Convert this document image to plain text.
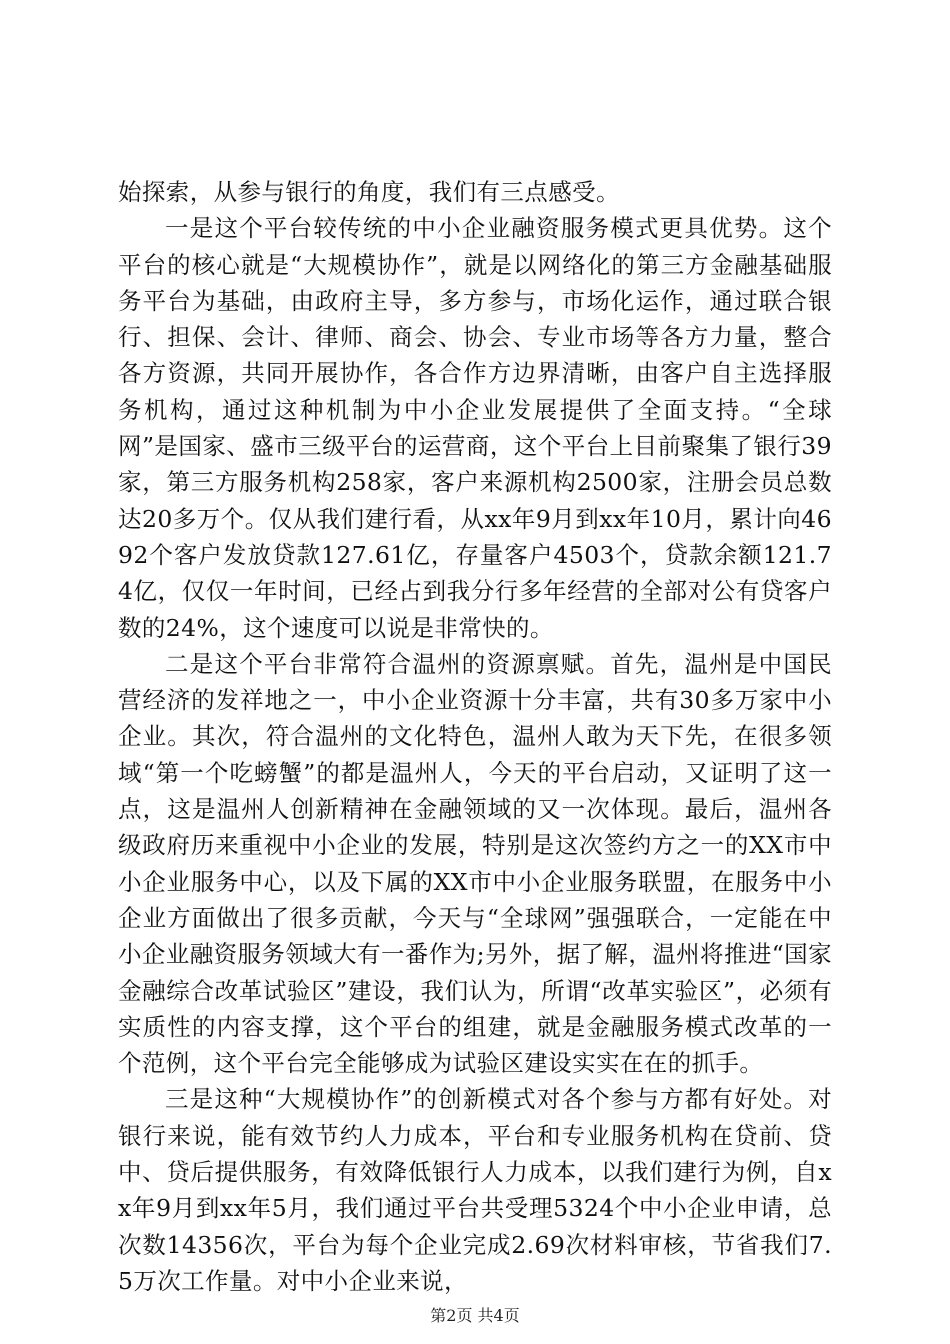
始探索，从参与银行的角度，我们有三点感受。

一是这个平台较传统的中小企业融资服务模式更具优势。这个平台的核心就是“大规模协作”，就是以网络化的第三方金融基础服务平台为基础，由政府主导，多方参与，市场化运作，通过联合银行、担保、会计、律师、商会、协会、专业市场等各方力量，整合各方资源，共同开展协作，各合作方边界清晰，由客户自主选择服务机构，通过这种机制为中小企业发展提供了全面支持。“全球网”是国家、盛市三级平台的运营商，这个平台上目前聚集了银行39家，第三方服务机构258家，客户来源机构2500家，注册会员总数达20多万个。仅从我们建行看，从xx年9月到xx年10月，累计向4692个客户发放贷款127.61亿，存量客户4503个，贷款余额121.74亿，仅仅一年时间，已经占到我分行多年经营的全部对公有贷客户数的24%，这个速度可以说是非常快的。

二是这个平台非常符合温州的资源禀赋。首先，温州是中国民营经济的发祥地之一，中小企业资源十分丰富，共有30多万家中小企业。其次，符合温州的文化特色，温州人敢为天下先，在很多领域“第一个吃螃蟹”的都是温州人，今天的平台启动，又证明了这一点，这是温州人创新精神在金融领域的又一次体现。最后，温州各级政府历来重视中小企业的发展，特别是这次签约方之一的XX市中小企业服务中心，以及下属的XX市中小企业服务联盟，在服务中小企业方面做出了很多贡献，今天与“全球网”强强联合，一定能在中小企业融资服务领域大有一番作为;另外，据了解，温州将推进“国家金融综合改革试验区”建设，我们认为，所谓“改革实验区”，必须有实质性的内容支撑，这个平台的组建，就是金融服务模式改革的一个范例，这个平台完全能够成为试验区建设实实在在的抓手。

三是这种“大规模协作”的创新模式对各个参与方都有好处。对银行来说，能有效节约人力成本，平台和专业服务机构在贷前、贷中、贷后提供服务，有效降低银行人力成本，以我们建行为例，自xx年9月到xx年5月，我们通过平台共受理5324个中小企业申请，总次数14356次，平台为每个企业完成2.69次材料审核，节省我们7.5万次工作量。对中小企业来说，

第2页 共4页
